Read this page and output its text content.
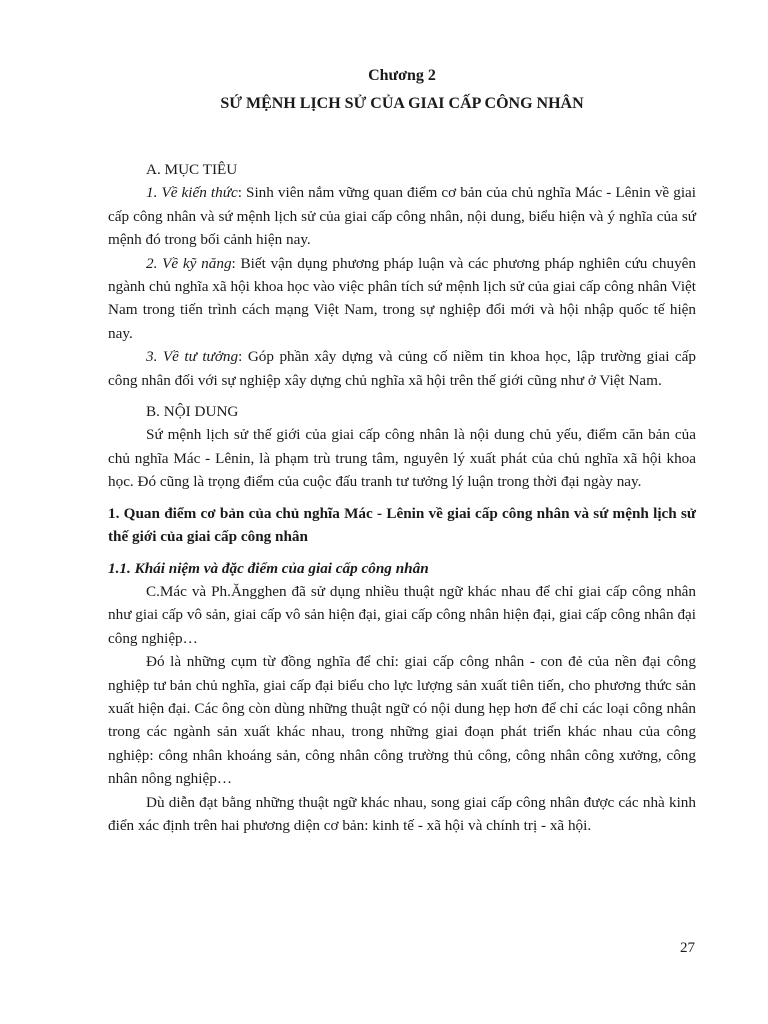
Chương 2

SỨ MỆNH LỊCH SỬ CỦA GIAI CẤP CÔNG NHÂN

A. MỤC TIÊU

1. Về kiến thức: Sinh viên nắm vững quan điểm cơ bản của chủ nghĩa Mác - Lênin về giai cấp công nhân và sứ mệnh lịch sử của giai cấp công nhân, nội dung, biểu hiện và ý nghĩa của sứ mệnh đó trong bối cảnh hiện nay.

2. Về kỹ năng: Biết vận dụng phương pháp luận và các phương pháp nghiên cứu chuyên ngành chủ nghĩa xã hội khoa học vào việc phân tích sứ mệnh lịch sử của giai cấp công nhân Việt Nam trong tiến trình cách mạng Việt Nam, trong sự nghiệp đổi mới và hội nhập quốc tế hiện nay.

3. Về tư tưởng: Góp phần xây dựng và củng cố niềm tin khoa học, lập trường giai cấp công nhân đối với sự nghiệp xây dựng chủ nghĩa xã hội trên thế giới cũng như ở Việt Nam.

B. NỘI DUNG

Sứ mệnh lịch sử thế giới của giai cấp công nhân là nội dung chủ yếu, điểm căn bản của chủ nghĩa Mác - Lênin, là phạm trù trung tâm, nguyên lý xuất phát của chủ nghĩa xã hội khoa học. Đó cũng là trọng điểm của cuộc đấu tranh tư tưởng lý luận trong thời đại ngày nay.

1. Quan điểm cơ bản của chủ nghĩa Mác - Lênin về giai cấp công nhân và sứ mệnh lịch sử thế giới của giai cấp công nhân

1.1. Khái niệm và đặc điểm của giai cấp công nhân

C.Mác và Ph.Ăngghen đã sử dụng nhiều thuật ngữ khác nhau để chỉ giai cấp công nhân như giai cấp vô sản, giai cấp vô sản hiện đại, giai cấp công nhân hiện đại, giai cấp công nhân đại công nghiệp…

Đó là những cụm từ đồng nghĩa để chỉ: giai cấp công nhân - con đẻ của nền đại công nghiệp tư bản chủ nghĩa, giai cấp đại biểu cho lực lượng sản xuất tiên tiến, cho phương thức sản xuất hiện đại. Các ông còn dùng những thuật ngữ có nội dung hẹp hơn để chỉ các loại công nhân trong các ngành sản xuất khác nhau, trong những giai đoạn phát triển khác nhau của công nghiệp: công nhân khoáng sản, công nhân công trường thủ công, công nhân công xưởng, công nhân nông nghiệp…

Dù diễn đạt bằng những thuật ngữ khác nhau, song giai cấp công nhân được các nhà kinh điển xác định trên hai phương diện cơ bản: kinh tế - xã hội và chính trị - xã hội.

27
